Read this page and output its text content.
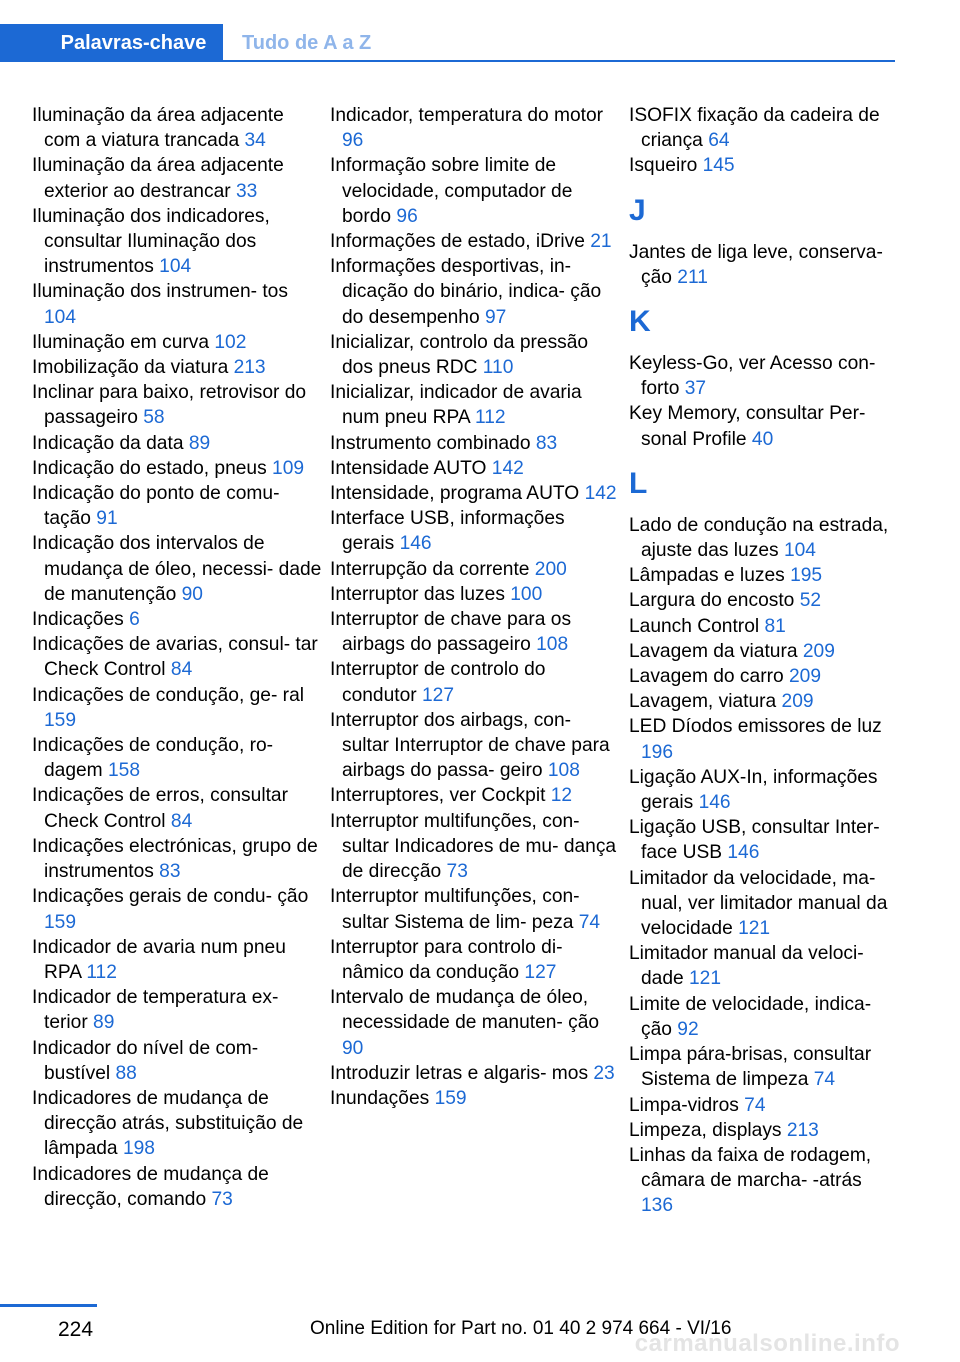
Palavras-chave	Tudo de A a Z
Iluminação da área adjacente com a viatura trancada 34
Iluminação da área adjacente exterior ao destrancar 33
Iluminação dos indicadores, consultar Iluminação dos instrumentos 104
Iluminação dos instrumen‐ tos 104
Iluminação em curva 102
Imobilização da viatura 213
Inclinar para baixo, retrovisor do passageiro 58
Indicação da data 89
Indicação do estado, pneus 109
Indicação do ponto de comu‐ tação 91
Indicação dos intervalos de mudança de óleo, necessi‐ dade de manutenção 90
Indicações 6
Indicações de avarias, consul‐ tar Check Control 84
Indicações de condução, ge‐ ral 159
Indicações de condução, ro‐ dagem 158
Indicações de erros, consultar Check Control 84
Indicações electrónicas, grupo de instrumentos 83
Indicações gerais de condu‐ ção 159
Indicador de avaria num pneu RPA 112
Indicador de temperatura ex‐ terior 89
Indicador do nível de com‐ bustível 88
Indicadores de mudança de direcção atrás, substituição de lâmpada 198
Indicadores de mudança de direcção, comando 73
Indicador, temperatura do motor 96
Informação sobre limite de velocidade, computador de bordo 96
Informações de estado, iDrive 21
Informações desportivas, in‐ dicação do binário, indica‐ ção do desempenho 97
Inicializar, controlo da pressão dos pneus RDC 110
Inicializar, indicador de avaria num pneu RPA 112
Instrumento combinado 83
Intensidade AUTO 142
Intensidade, programa AUTO 142
Interface USB, informações gerais 146
Interrupção da corrente 200
Interruptor das luzes 100
Interruptor de chave para os airbags do passageiro 108
Interruptor de controlo do condutor 127
Interruptor dos airbags, con‐ sultar Interruptor de chave para airbags do passa‐ geiro 108
Interruptores, ver Cockpit 12
Interruptor multifunções, con‐ sultar Indicadores de mu‐ dança de direcção 73
Interruptor multifunções, con‐ sultar Sistema de lim‐ peza 74
Interruptor para controlo di‐ nâmico da condução 127
Intervalo de mudança de óleo, necessidade de manuten‐ ção 90
Introduzir letras e algaris‐ mos 23
Inundações 159
ISOFIX fixação da cadeira de criança 64
Isqueiro 145
J
Jantes de liga leve, conserva‐ ção 211
K
Keyless-Go, ver Acesso con‐ forto 37
Key Memory, consultar Per‐ sonal Profile 40
L
Lado de condução na estrada, ajuste das luzes 104
Lâmpadas e luzes 195
Largura do encosto 52
Launch Control 81
Lavagem da viatura 209
Lavagem do carro 209
Lavagem, viatura 209
LED Díodos emissores de luz 196
Ligação AUX-In, informações gerais 146
Ligação USB, consultar Inter‐ face USB 146
Limitador da velocidade, ma‐ nual, ver limitador manual da velocidade 121
Limitador manual da veloci‐ dade 121
Limite de velocidade, indica‐ ção 92
Limpa pára-brisas, consultar Sistema de limpeza 74
Limpa-vidros 74
Limpeza, displays 213
Linhas da faixa de rodagem, câmara de marcha‐ ‐atrás 136
224	Online Edition for Part no. 01 40 2 974 664 - VI/16
carmanualsonline.info
